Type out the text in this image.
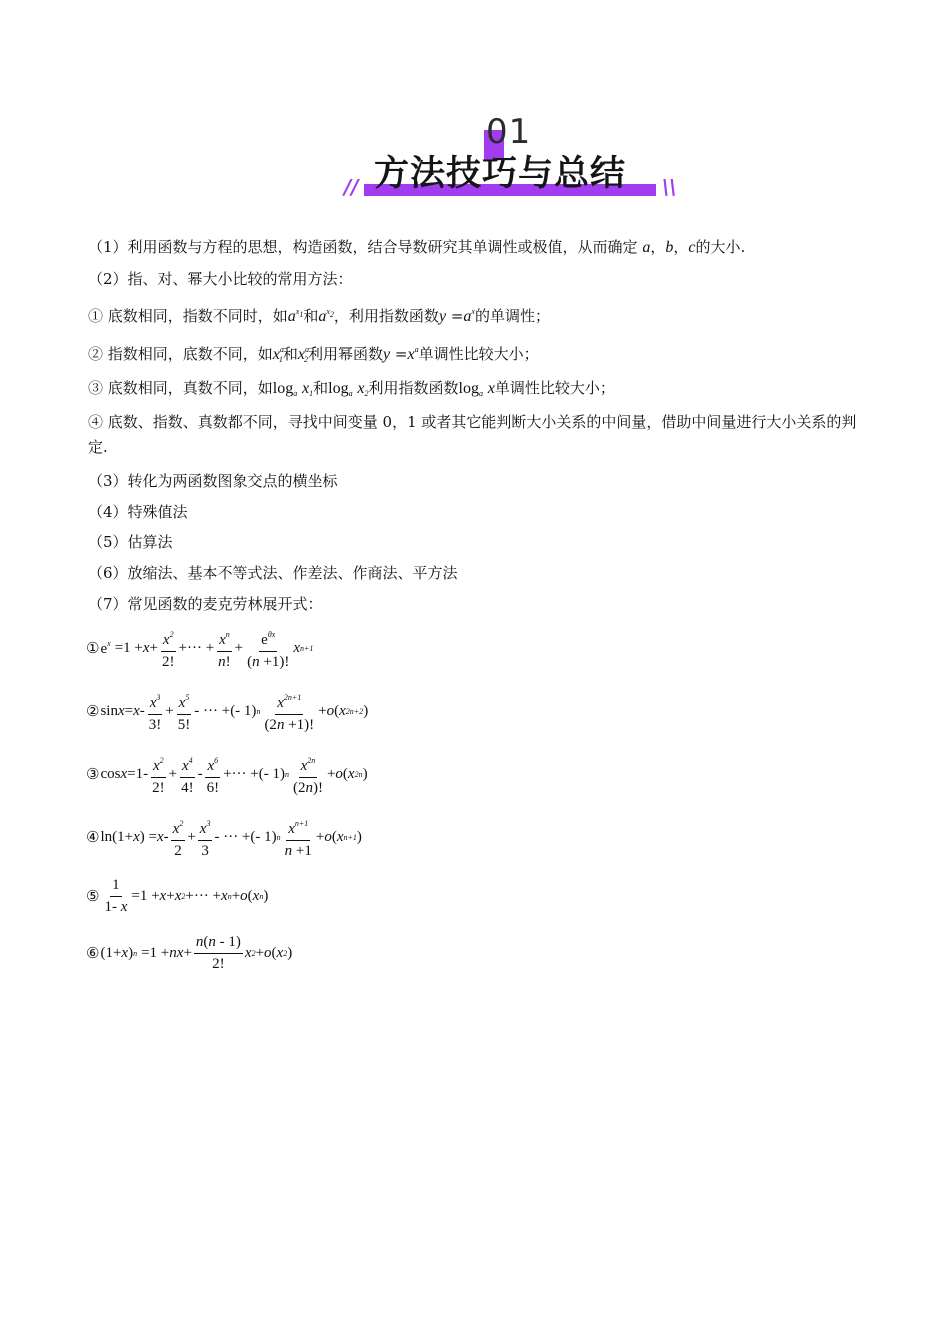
01
// 方法技巧与总结 \\
（1）利用函数与方程的思想，构造函数，结合导数研究其单调性或极值，从而确定 a，b，c的大小.
（2）指、对、幂大小比较的常用方法：
① 底数相同，指数不同时，如$a^{x_1}$和$a^{x_2}$，利用指数函数$y =a^x$的单调性；
② 指数相同，底数不同，如$x^a_1$和$x^a_2$利用幂函数$y =x^a$单调性比较大小；
③ 底数相同，真数不同，如$\log_a x_1$和$\log_a x_2$利用指数函数$\log_a x$单调性比较大小；
④ 底数、指数、真数都不同，寻找中间变量 0，1 或者其它能判断大小关系的中间量，借助中间量进行大小关系的判定.
（3）转化为两函数图象交点的横坐标
（4）特殊值法
（5）估算法
（6）放缩法、基本不等式法、作差法、作商法、平方法
（7）常见函数的麦克劳林展开式：
① $e^x =1 + x + \frac{x^2}{2!}$ +··· + $\frac{x^n}{n!} + \frac{e^{\theta x}}{(n +1)!}$ x n+1
② $\sin x = x - \frac{x^3}{3!} + \frac{x^5}{5!}$ - ··· +(- 1) n $\frac{x^{2n+1}}{(2n +1)!} + o$ ( x 2n+2 )
③ $\cos x =1- \frac{x^2}{2!} + \frac{x^4}{4!} - \frac{x^6}{6!}$ +··· +(- 1) n $\frac{x^{2n}}{(2n)!} + o$ ( x 2n )
④ ln(1+ x ) = $x - \frac{x^2}{2} + \frac{x^3}{3}$ - ··· +(- 1) n $\frac{x^{n+1}}{n +1} + o$ ( x n+1 )
⑤ $\frac{1}{1- x} =1 + x + x$ 2 +··· + x n + o ( x n )
⑥ (1+ x ) n =1 + nx + $\frac{n(n - 1)}{2!}$ x 2 + o ( x 2 )
